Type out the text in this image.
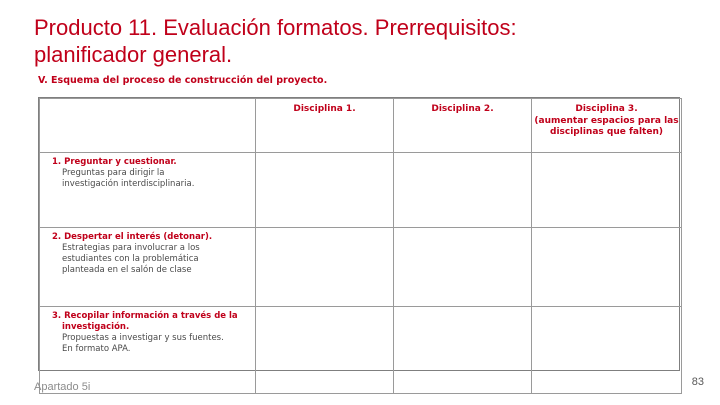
Producto 11. Evaluación formatos. Prerrequisitos:
planificador general.
V. Esquema del proceso de construcción del proyecto.

	Disciplina 1.	Disciplina 2.	Disciplina 3.
(aumentar espacios para las
disciplinas que falten)

1. Preguntar y cuestionar.
Preguntas para dirigir la
investigación interdisciplinaria.			

2. Despertar el interés (detonar).
Estrategias para involucrar a los
estudiantes con la problemática
planteada en el salón de clase			

3. Recopilar información a través de la
investigación.
Propuestas a investigar y sus fuentes.
En formato APA.			

Apartado 5i	83
